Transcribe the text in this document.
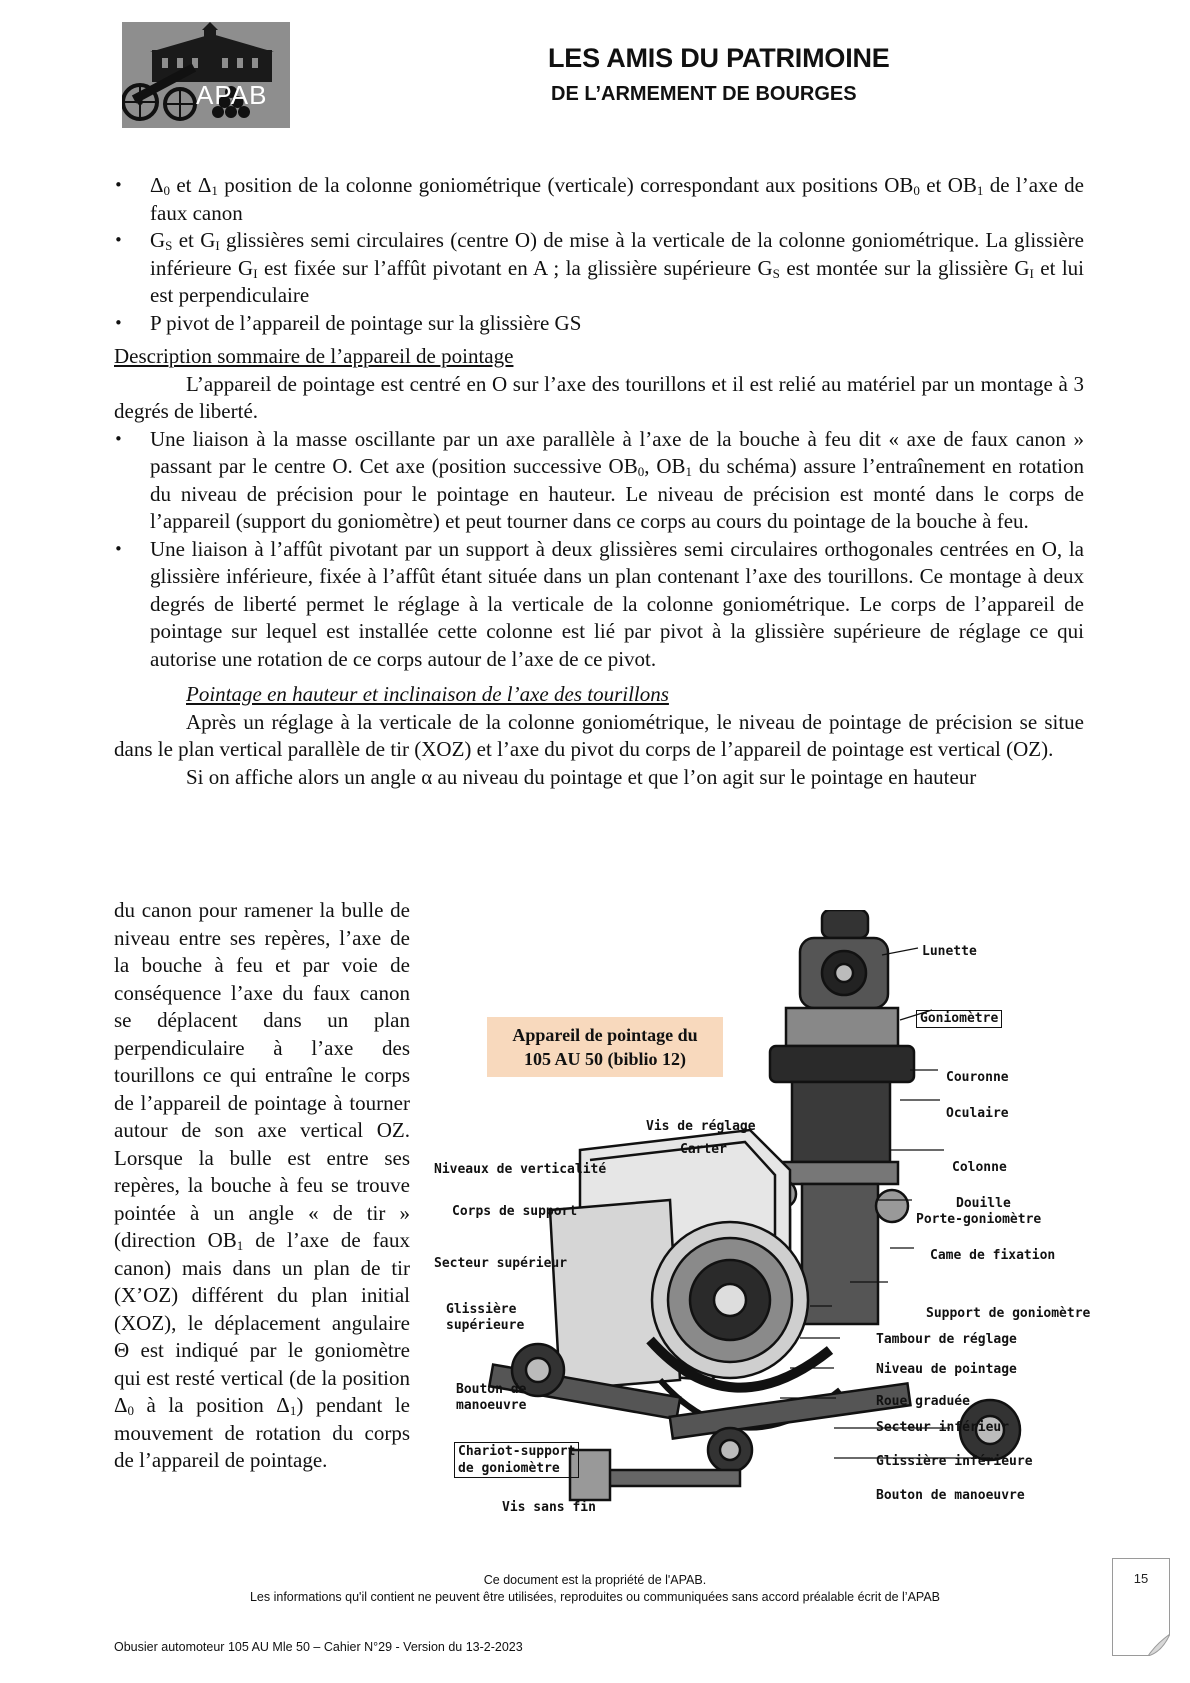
APAB
LES AMIS DU PATRIMOINE
DE L’ARMEMENT DE BOURGES
• $\Delta_0$ et $\Delta_1$ position de la colonne goniométrique (verticale) correspondant aux positions $OB_0$ et $OB_1$ de l’axe de faux canon
• $G_S$ et $G_I$ glissières semi circulaires (centre O) de mise à la verticale de la colonne goniométrique. La glissière inférieure $G_I$ est fixée sur l’affût pivotant en A ; la glissière supérieure $G_S$ est montée sur la glissière $G_I$ et lui est perpendiculaire
• P pivot de l’appareil de pointage sur la glissière GS
Description sommaire de l’appareil de pointage
L’appareil de pointage est centré en O sur l’axe des tourillons et il est relié au matériel par un montage à 3 degrés de liberté.
• Une liaison à la masse oscillante par un axe parallèle à l’axe de la bouche à feu dit « axe de faux canon » passant par le centre O. Cet axe (position successive $OB_0$, $OB_1$ du schéma) assure l’entraînement en rotation du niveau de précision pour le pointage en hauteur. Le niveau de précision est monté dans le corps de l’appareil (support du goniomètre) et peut tourner dans ce corps au cours du pointage de la bouche à feu.
• Une liaison à l’affût pivotant par un support à deux glissières semi circulaires orthogonales centrées en O, la glissière inférieure, fixée à l’affût étant située dans un plan contenant l’axe des tourillons. Ce montage à deux degrés de liberté permet le réglage à la verticale de la colonne goniométrique. Le corps de l’appareil de pointage sur lequel est installée cette colonne est lié par pivot à la glissière supérieure de réglage ce qui autorise une rotation de ce corps autour de l’axe de ce pivot.
Pointage en hauteur et inclinaison de l’axe des tourillons
Après un réglage à la verticale de la colonne goniométrique, le niveau de pointage de précision se situe dans le plan vertical parallèle de tir (XOZ) et l’axe du pivot du corps de l’appareil de pointage est vertical (OZ).
Si on affiche alors un angle α au niveau du pointage et que l’on agit sur le pointage en hauteur
du canon pour ramener la bulle de niveau entre ses repères, l’axe de la bouche à feu et par voie de conséquence l’axe du faux canon se déplacent dans un plan perpendiculaire à l’axe des tourillons ce qui entraîne le corps de l’appareil de pointage à tourner autour de son axe vertical OZ. Lorsque la bulle est entre ses repères, la bouche à feu se trouve pointée à un angle « de tir » (direction $OB_1$ de l’axe de faux canon) mais dans un plan de tir (X’OZ) différent du plan initial (XOZ), le déplacement angulaire Θ est indiqué par le goniomètre qui est resté vertical (de la position $\Delta_0$ à la position $\Delta_1$) pendant le mouvement de rotation du corps de l’appareil de pointage.
Appareil de pointage du
105 AU 50 (biblio 12)
Lunette
Goniomètre
Couronne
Oculaire
Vis de réglage
Carter
Niveaux de verticalité	Colonne
Corps de support
Douille
Porte-goniomètre
Came de fixation
Secteur supérieur
Glissière
supérieure
Support de goniomètre
Tambour de réglage
Niveau de pointage
Bouton de
manoeuvre	Roue graduée
Secteur inférieur
Chariot-support
de goniomètre	Glissière inférieure
Bouton de manoeuvre
Vis sans fin
Ce document est la propriété de l'APAB.
Les informations qu'il contient ne peuvent être utilisées, reproduites ou communiquées sans accord préalable écrit de l’APAB
Obusier automoteur 105 AU Mle 50 – Cahier N°29 - Version du 13-2-2023
15
